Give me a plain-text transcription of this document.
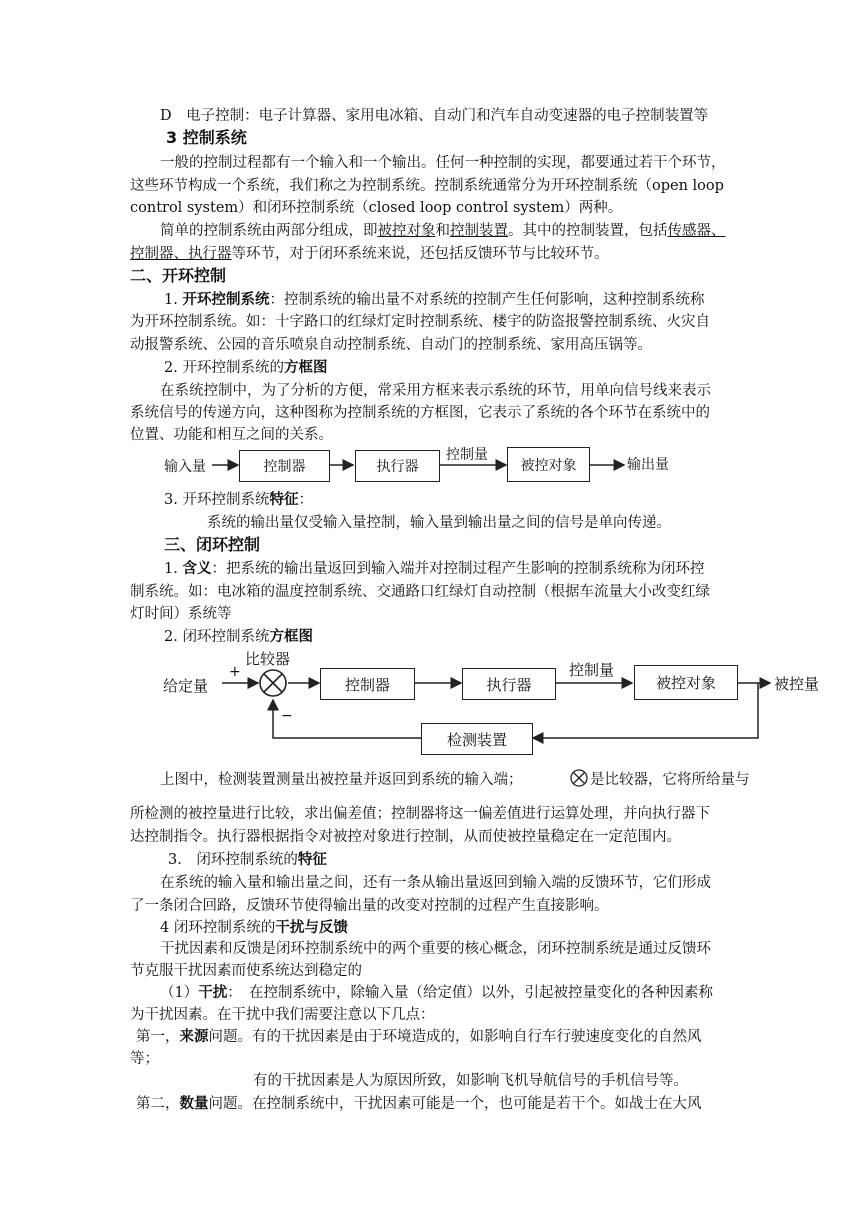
D　电子控制：电子计算器、家用电冰箱、自动门和汽车自动变速器的电子控制装置等
3 控制系统
一般的控制过程都有一个输入和一个输出。任何一种控制的实现，都要通过若干个环节，
这些环节构成一个系统，我们称之为控制系统。控制系统通常分为开环控制系统（open loop
control system）和闭环控制系统（closed loop control system）两种。
简单的控制系统由两部分组成，即被控对象和控制装置。其中的控制装置，包括传感器、
控制器、执行器等环节，对于闭环系统来说，还包括反馈环节与比较环节。
二、开环控制
1. 开环控制系统：控制系统的输出量不对系统的控制产生任何影响，这种控制系统称
为开环控制系统。如：十字路口的红绿灯定时控制系统、楼宇的防盗报警控制系统、火灾自
动报警系统、公园的音乐喷泉自动控制系统、自动门的控制系统、家用高压锅等。
2. 开环控制系统的方框图
在系统控制中，为了分析的方便，常采用方框来表示系统的环节，用单向信号线来表示
系统信号的传递方向，这种图称为控制系统的方框图，它表示了系统的各个环节在系统中的
位置、功能和相互之间的关系。
输入量	控制器	执行器
控制量
被控对象	输出量
3. 开环控制系统特征：
系统的输出量仅受输入量控制，输入量到输出量之间的信号是单向传递。
三、闭环控制
1. 含义：把系统的输出量返回到输入端并对控制过程产生影响的控制系统称为闭环控
制系统。如：电冰箱的温度控制系统、交通路口红绿灯自动控制（根据车流量大小改变红绿
灯时间）系统等
2. 闭环控制系统方框图
比较器
给定量
+
−
控制器	执行器
控制量
被控对象	被控量
检测装置
上图中，检测装置测量出被控量并返回到系统的输入端；	是比较器，它将所给量与
所检测的被控量进行比较，求出偏差值；控制器将这一偏差值进行运算处理，并向执行器下
达控制指令。执行器根据指令对被控对象进行控制，从而使被控量稳定在一定范围内。
3.　闭环控制系统的特征
在系统的输入量和输出量之间，还有一条从输出量返回到输入端的反馈环节，它们形成
了一条闭合回路，反馈环节使得输出量的改变对控制的过程产生直接影响。
4 闭环控制系统的干扰与反馈
干扰因素和反馈是闭环控制系统中的两个重要的核心概念，闭环控制系统是通过反馈环
节克服干扰因素而使系统达到稳定的
（1）干扰：　在控制系统中，除输入量（给定值）以外，引起被控量变化的各种因素称
为干扰因素。在干扰中我们需要注意以下几点：
第一，来源问题。有的干扰因素是由于环境造成的，如影响自行车行驶速度变化的自然风
等；
有的干扰因素是人为原因所致，如影响飞机导航信号的手机信号等。
第二，数量问题。在控制系统中，干扰因素可能是一个，也可能是若干个。如战士在大风
